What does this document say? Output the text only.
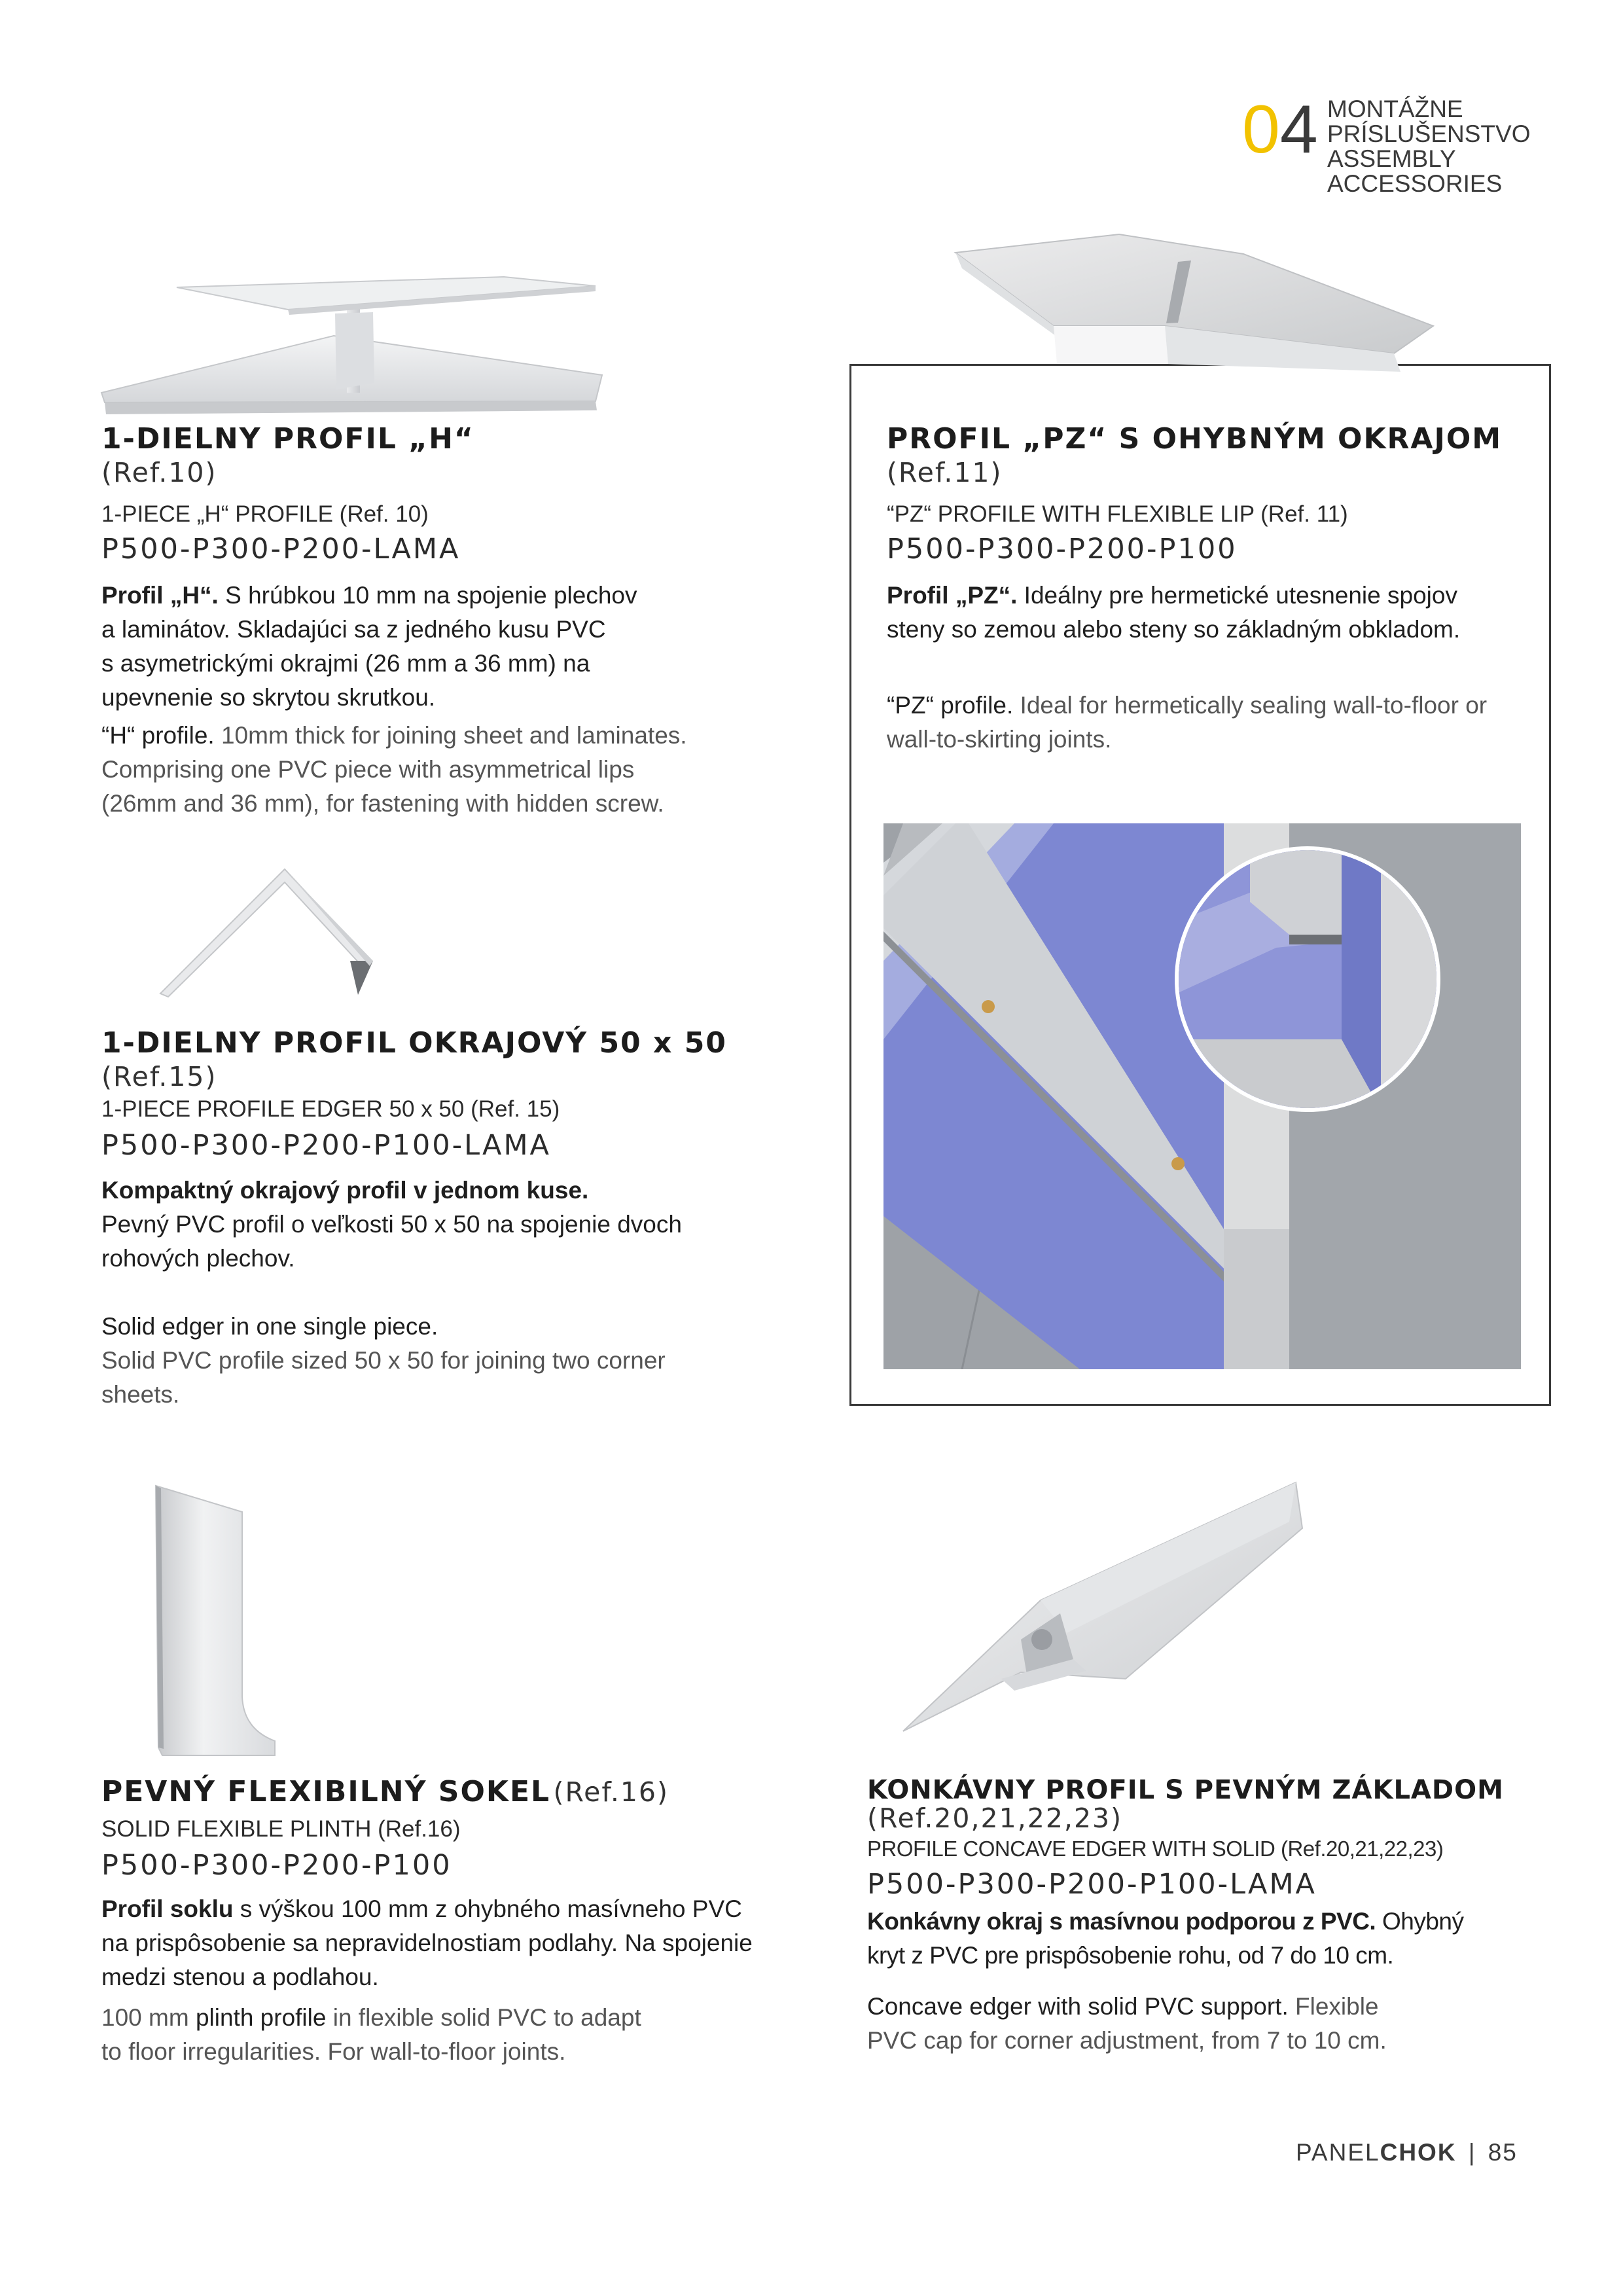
04 MONTÁŽNE
PRÍSLUŠENSTVO
ASSEMBLY
ACCESSORIES
1-DIELNY PROFIL „H“
(Ref.10)
1-PIECE „H“ PROFILE (Ref. 10)
P500-P300-P200-LAMA
Profil „H“. S hrúbkou 10 mm na spojenie plechov
a laminátov. Skladajúci sa z jedného kusu PVC
s asymetrickými okrajmi (26 mm a 36 mm) na
upevnenie so skrytou skrutkou.
“H“ profile. 10mm thick for joining sheet and laminates.
Comprising one PVC piece with asymmetrical lips
(26mm and 36 mm), for fastening with hidden screw.
PROFIL „PZ“ S OHYBNÝM OKRAJOM
(Ref.11)
“PZ“ PROFILE WITH FLEXIBLE LIP (Ref. 11)
P500-P300-P200-P100
Profil „PZ“. Ideálny pre hermetické utesnenie spojov
steny so zemou alebo steny so základným obkladom.
“PZ“ profile. Ideal for hermetically sealing wall-to-floor or
wall-to-skirting joints.
1-DIELNY PROFIL OKRAJOVÝ 50 x 50
(Ref.15)
1-PIECE PROFILE EDGER 50 x 50 (Ref. 15)
P500-P300-P200-P100-LAMA
Kompaktný okrajový profil v jednom kuse.
Pevný PVC profil o veľkosti 50 x 50 na spojenie dvoch
rohových plechov.
Solid edger in one single piece.
Solid PVC profile sized 50 x 50 for joining two corner
sheets.
PEVNÝ FLEXIBILNÝ SOKEL (Ref.16)
SOLID FLEXIBLE PLINTH (Ref.16)
P500-P300-P200-P100
Profil soklu s výškou 100 mm z ohybného masívneho PVC
na prispôsobenie sa nepravidelnostiam podlahy. Na spojenie
medzi stenou a podlahou.
100 mm plinth profile in flexible solid PVC to adapt
to floor irregularities. For wall-to-floor joints.
KONKÁVNY PROFIL S PEVNÝM ZÁKLADOM
(Ref.20,21,22,23)
PROFILE CONCAVE EDGER WITH SOLID (Ref.20,21,22,23)
P500-P300-P200-P100-LAMA
Konkávny okraj s masívnou podporou z PVC. Ohybný
kryt z PVC pre prispôsobenie rohu, od 7 do 10 cm.
Concave edger with solid PVC support. Flexible
PVC cap for corner adjustment, from 7 to 10 cm.
PANELCHOK | 85
